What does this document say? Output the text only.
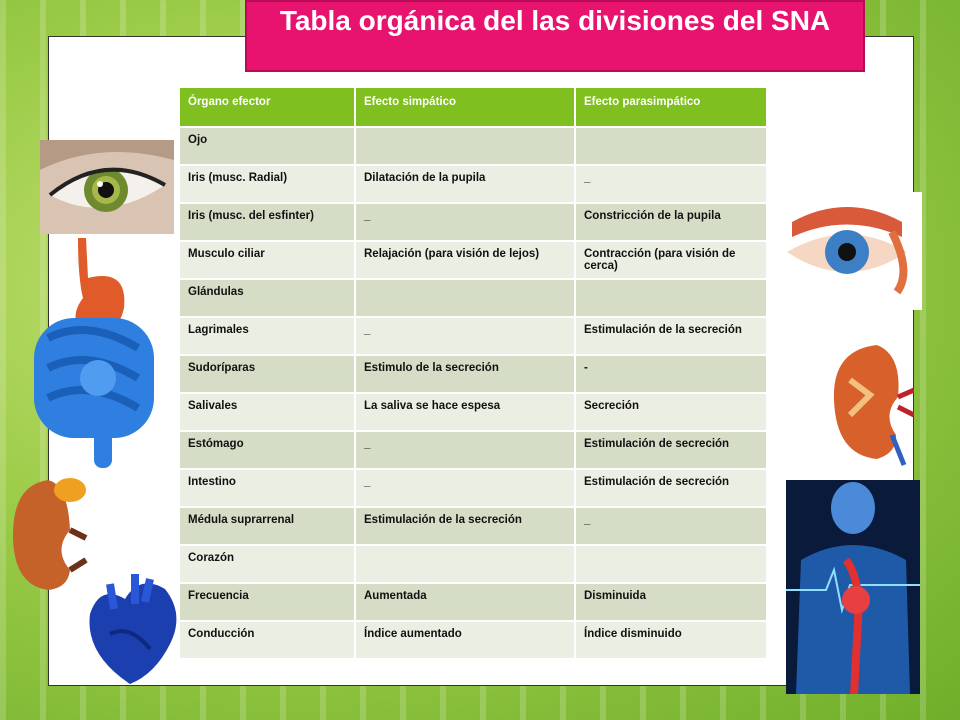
Tabla orgánica del las divisiones del SNA
Órgano efector	Efecto simpático	Efecto parasimpático
Ojo		
Iris (musc. Radial)	Dilatación de la pupila	_
Iris (musc. del esfinter)	_	Constricción de la pupila
Musculo ciliar	Relajación (para visión de lejos)	Contracción (para visión de cerca)
Glándulas		
Lagrimales	_	Estimulación de la secreción
Sudoríparas	Estimulo de la secreción	-
Salivales	La saliva se hace espesa	Secreción
Estómago	_	Estimulación de secreción
Intestino	_	Estimulación de secreción
Médula suprarrenal	Estimulación de la secreción	_
Corazón		
Frecuencia	Aumentada	Disminuida
Conducción	Índice aumentado	Índice disminuido
